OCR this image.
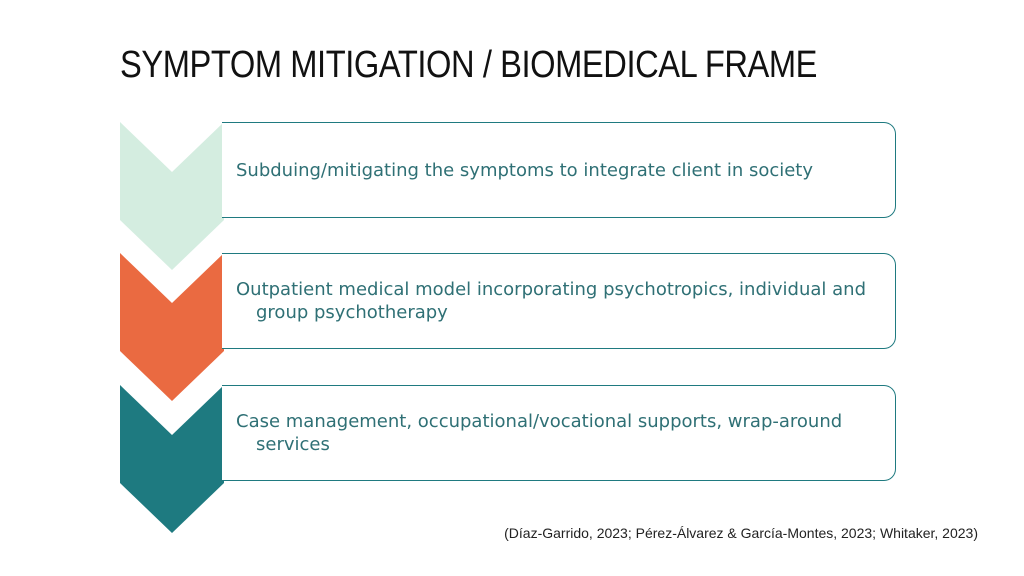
SYMPTOM MITIGATION / BIOMEDICAL FRAME
Subduing/mitigating the symptoms to integrate client in society
Outpatient medical model incorporating psychotropics, individual and group psychotherapy
Case management, occupational/vocational supports, wrap-around services
(Díaz-Garrido, 2023; Pérez-Álvarez & García-Montes, 2023; Whitaker, 2023)
